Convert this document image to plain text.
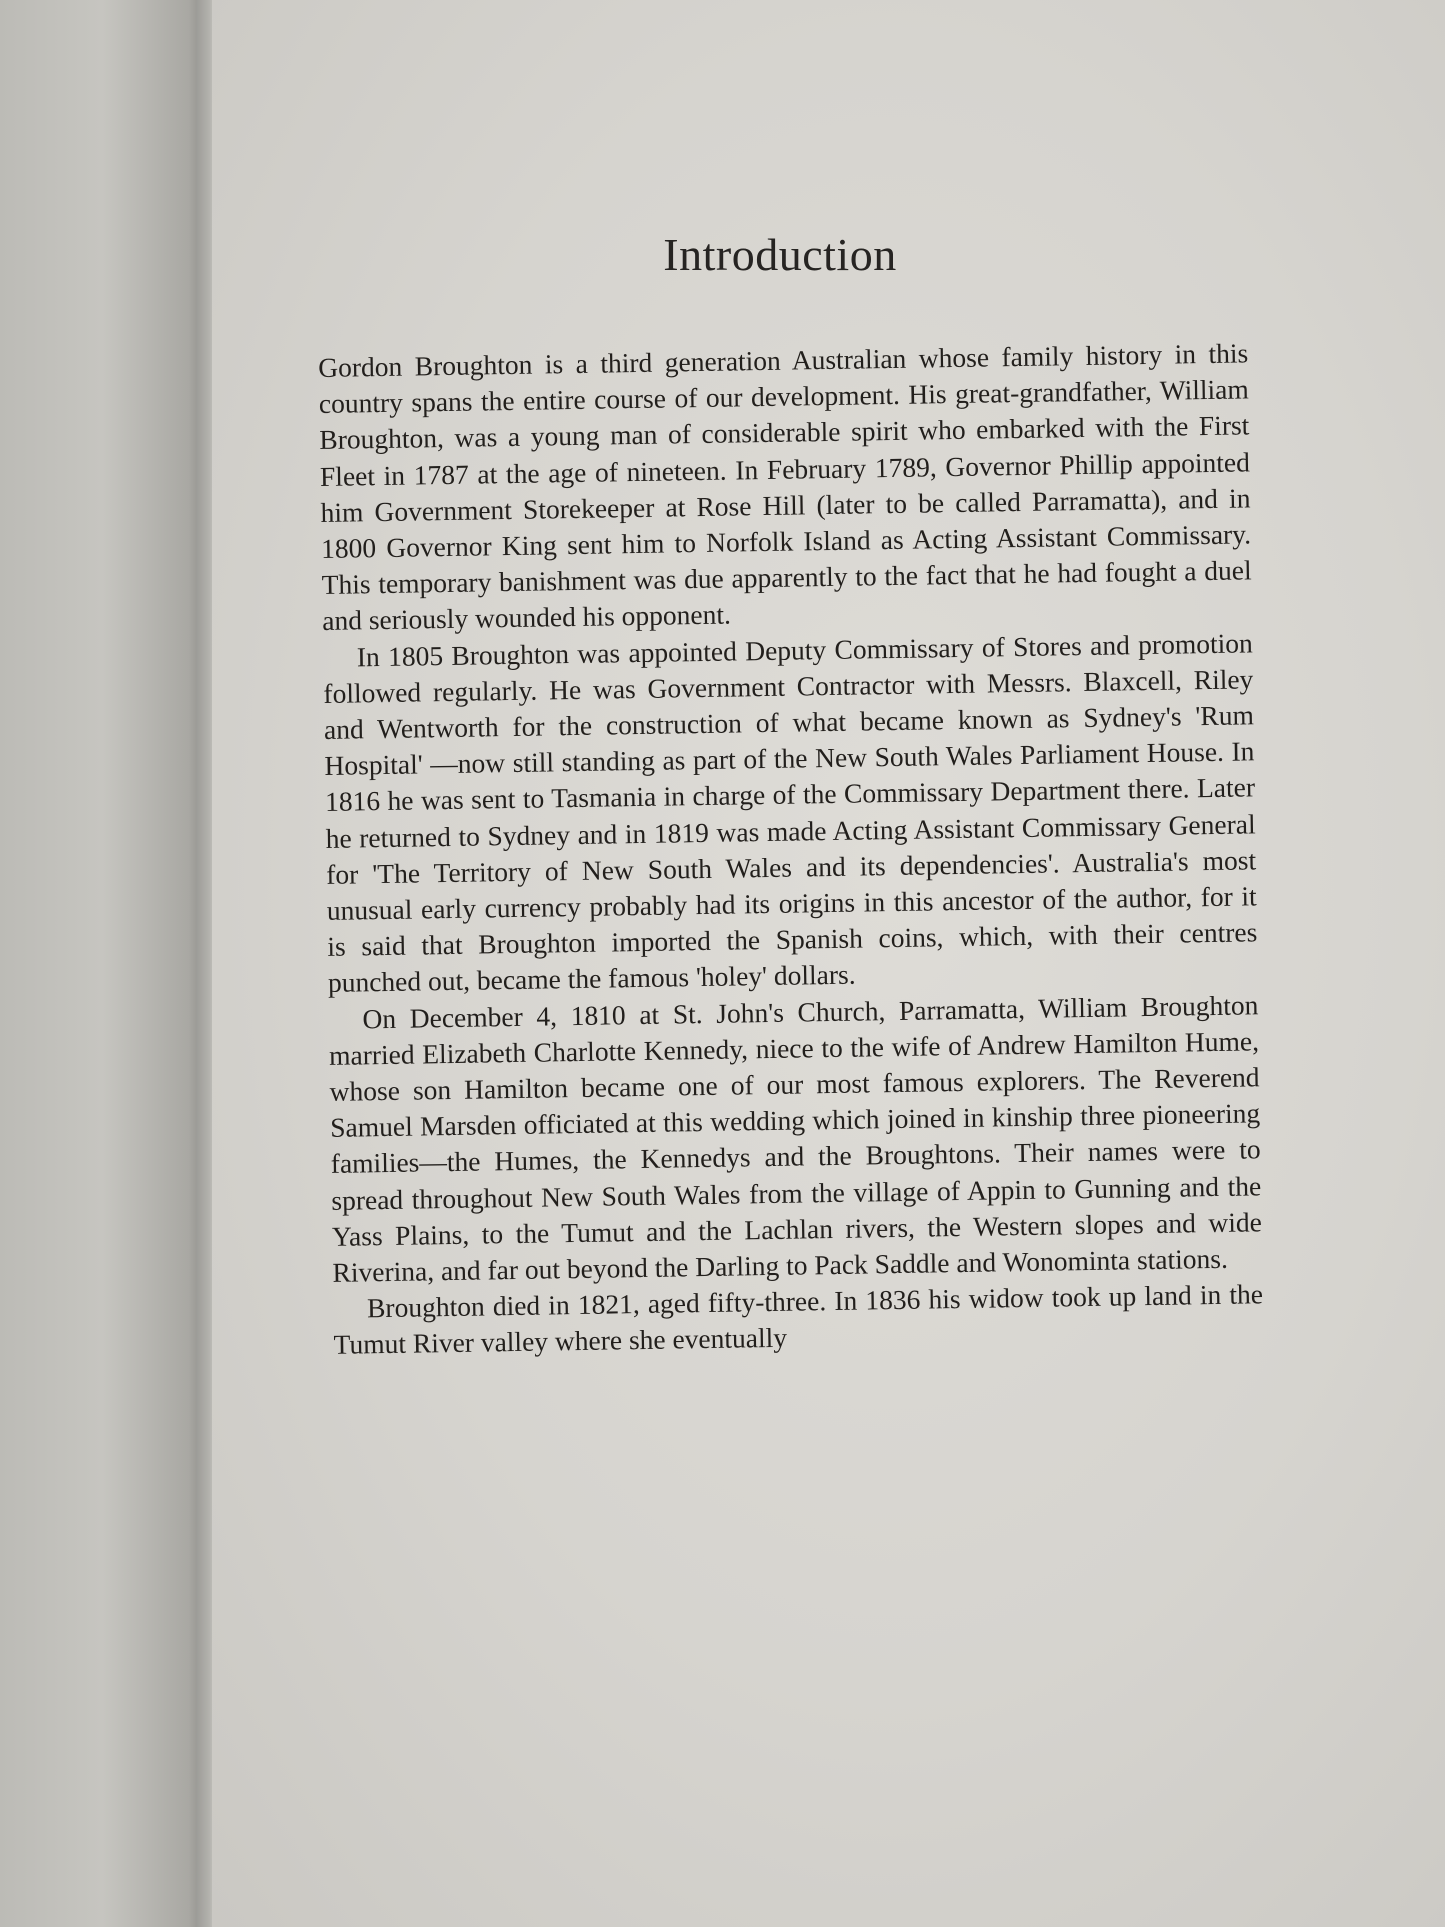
Introduction

Gordon Broughton is a third generation Australian whose family history in this country spans the entire course of our development. His great-grandfather, William Broughton, was a young man of considerable spirit who embarked with the First Fleet in 1787 at the age of nineteen. In February 1789, Governor Phillip appointed him Government Storekeeper at Rose Hill (later to be called Parramatta), and in 1800 Governor King sent him to Norfolk Island as Acting Assistant Commissary. This temporary banishment was due apparently to the fact that he had fought a duel and seriously wounded his opponent.

In 1805 Broughton was appointed Deputy Commissary of Stores and promotion followed regularly. He was Government Contractor with Messrs. Blaxcell, Riley and Wentworth for the construction of what became known as Sydney's 'Rum Hospital' —now still standing as part of the New South Wales Parliament House. In 1816 he was sent to Tasmania in charge of the Commissary Department there. Later he returned to Sydney and in 1819 was made Acting Assistant Commissary General for 'The Territory of New South Wales and its dependencies'. Australia's most unusual early currency probably had its origins in this ancestor of the author, for it is said that Broughton imported the Spanish coins, which, with their centres punched out, became the famous 'holey' dollars.

On December 4, 1810 at St. John's Church, Parramatta, William Broughton married Elizabeth Charlotte Kennedy, niece to the wife of Andrew Hamilton Hume, whose son Hamilton became one of our most famous explorers. The Reverend Samuel Marsden officiated at this wedding which joined in kinship three pioneering families—the Humes, the Kennedys and the Broughtons. Their names were to spread throughout New South Wales from the village of Appin to Gunning and the Yass Plains, to the Tumut and the Lachlan rivers, the Western slopes and wide Riverina, and far out beyond the Darling to Pack Saddle and Wonominta stations.

Broughton died in 1821, aged fifty-three. In 1836 his widow took up land in the Tumut River valley where she eventually
